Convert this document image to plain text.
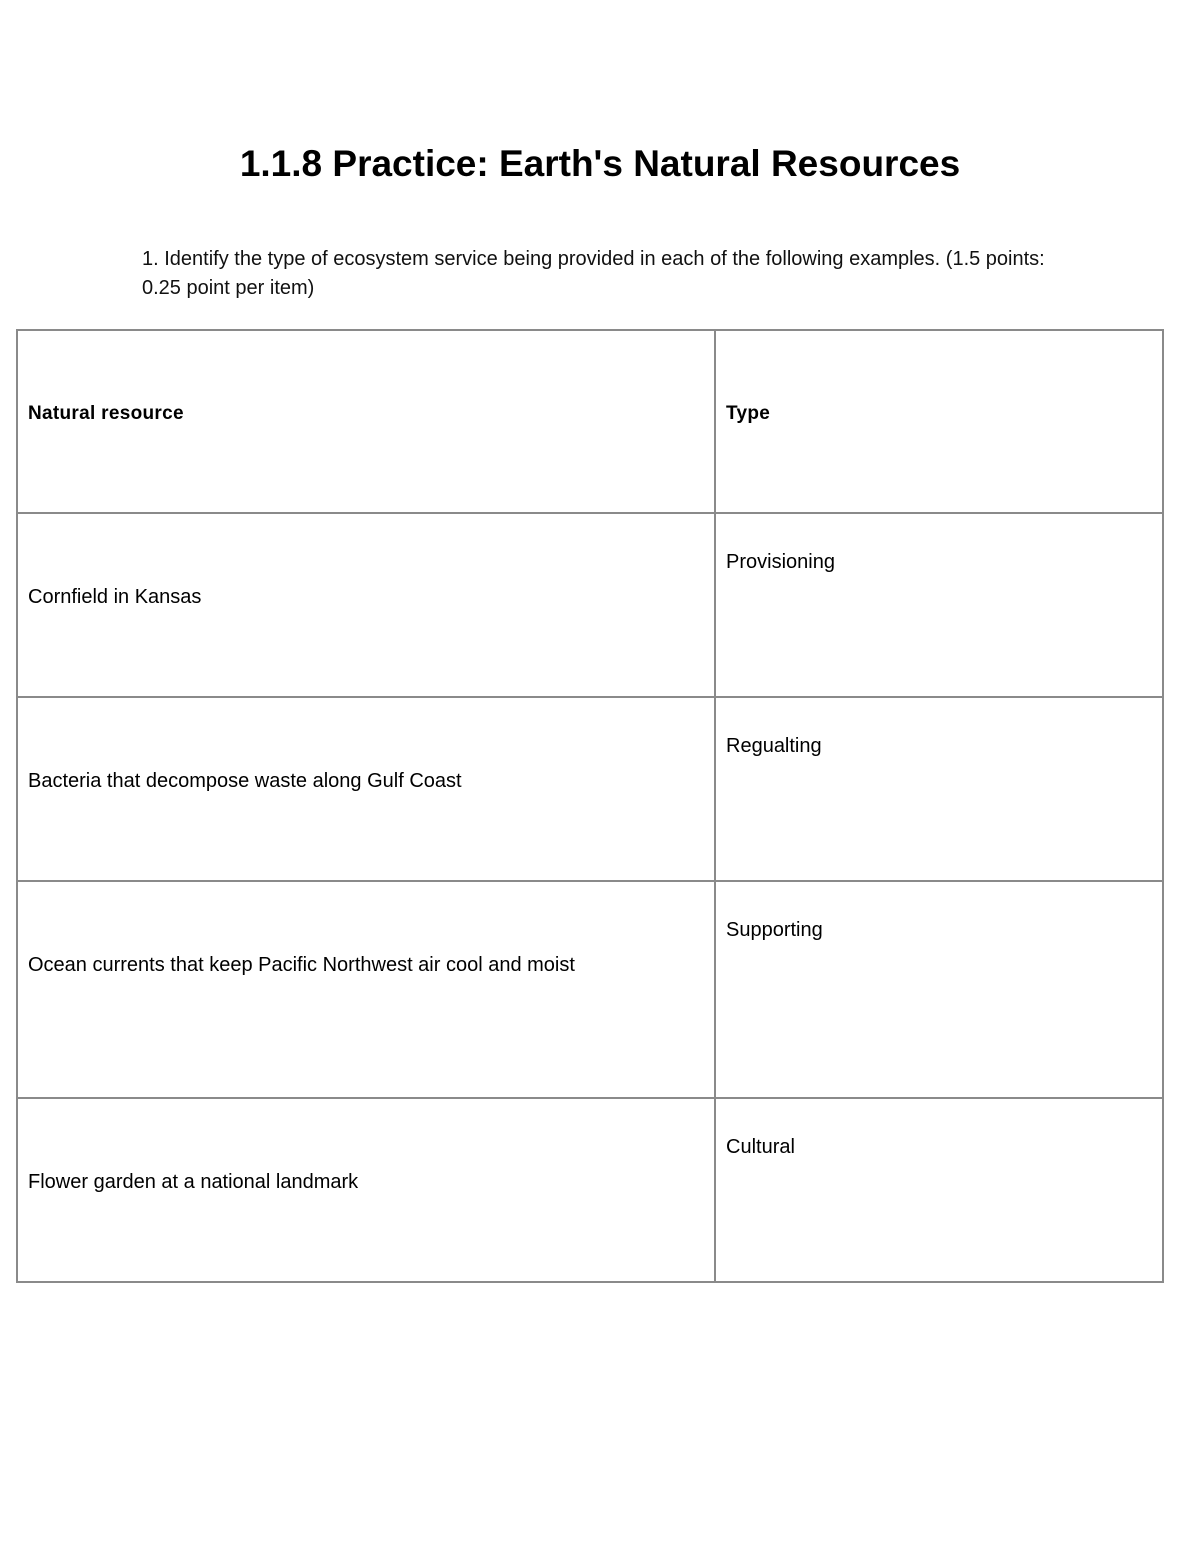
1.1.8 Practice: Earth's Natural Resources

1. Identify the type of ecosystem service being provided in each of the following examples. (1.5 points: 0.25 point per item)

Natural resource	Type

Cornfield in Kansas	Provisioning

Bacteria that decompose waste along Gulf Coast	Regualting

Ocean currents that keep Pacific Northwest air cool and moist	Supporting

Flower garden at a national landmark	Cultural
